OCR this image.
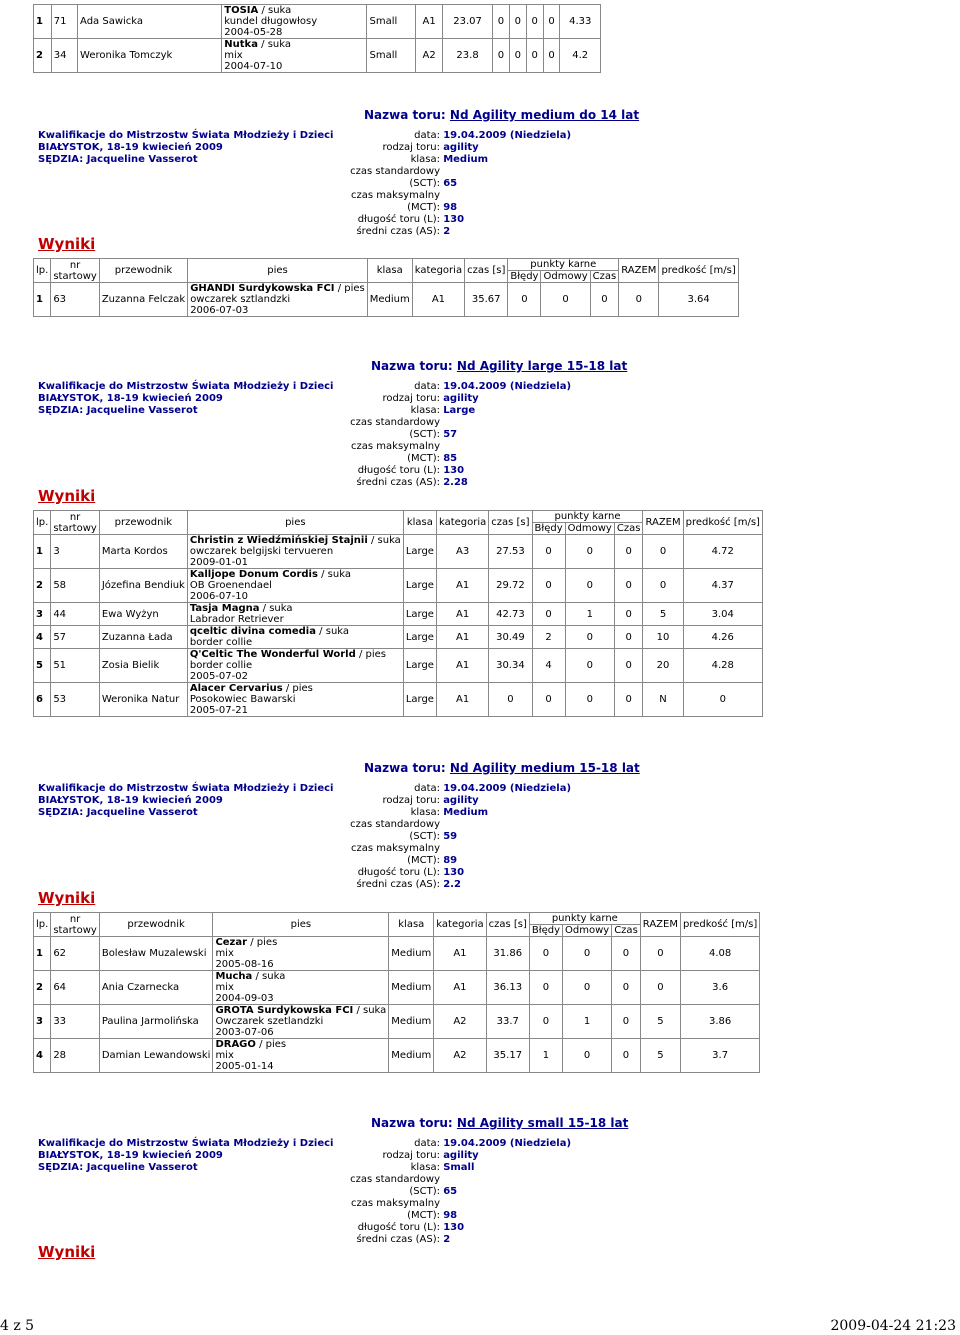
1	71	Ada Sawicka	TOSIA / suka
kundel długowłosy
2004-05-28	Small	A1	23.07	0	0	0	0	4.33
2	34	Weronika Tomczyk	Nutka / suka
mix
2004-07-10	Small	A2	23.8	0	0	0	0	4.2
Nazwa toru: Nd Agility medium do 14 lat
Kwalifikacje do Mistrzostw Świata Młodzieży i Dzieci
BIAŁYSTOK, 18-19 kwiecień 2009
SĘDZIA: Jacqueline Vasserot
data: 19.04.2009 (Niedziela)
rodzaj toru: agility
klasa: Medium
czas standardowy (SCT): 65
czas maksymalny (MCT): 98
długość toru (L): 130
średni czas (AS): 2
Wyniki
lp.	nr
startowy	przewodnik	pies	klasa	kategoria	czas [s]	punkty karne			RAZEM	predkość [m/s]
							Błędy	Odmowy	Czas		
1	63	Zuzanna Felczak	GHANDI Surdykowska FCI / pies
owczarek sztlandzki
2006-07-03	Medium	A1	35.67	0	0	0	0	3.64
Nazwa toru: Nd Agility large 15-18 lat
Kwalifikacje do Mistrzostw Świata Młodzieży i Dzieci
BIAŁYSTOK, 18-19 kwiecień 2009
SĘDZIA: Jacqueline Vasserot
data: 19.04.2009 (Niedziela)
rodzaj toru: agility
klasa: Large
czas standardowy (SCT): 57
czas maksymalny (MCT): 85
długość toru (L): 130
średni czas (AS): 2.28
Wyniki
lp.	nr
startowy	przewodnik	pies	klasa	kategoria	czas [s]	punkty karne			RAZEM	predkość [m/s]
							Błędy	Odmowy	Czas		
1	3	Marta Kordos	Christin z Wiedźmińskiej Stajnii / suka
owczarek belgijski tervueren
2009-01-01	Large	A3	27.53	0	0	0	0	4.72
2	58	Józefina Bendiuk	Kalljope Donum Cordis / suka
OB Groenendael
2006-07-10	Large	A1	29.72	0	0	0	0	4.37
3	44	Ewa Wyżyn	Tasja Magna / suka
Labrador Retriever	Large	A1	42.73	0	1	0	5	3.04
4	57	Zuzanna Łada	qceltic divina comedia / suka
border collie	Large	A1	30.49	2	0	0	10	4.26
5	51	Zosia Bielik	Q'Celtic The Wonderful World / pies
border collie
2005-07-02	Large	A1	30.34	4	0	0	20	4.28
6	53	Weronika Natur	Alacer Cervarius / pies
Posokowiec Bawarski
2005-07-21	Large	A1	0	0	0	0	N	0
Nazwa toru: Nd Agility medium 15-18 lat
Kwalifikacje do Mistrzostw Świata Młodzieży i Dzieci
BIAŁYSTOK, 18-19 kwiecień 2009
SĘDZIA: Jacqueline Vasserot
data: 19.04.2009 (Niedziela)
rodzaj toru: agility
klasa: Medium
czas standardowy (SCT): 59
czas maksymalny (MCT): 89
długość toru (L): 130
średni czas (AS): 2.2
Wyniki
lp.	nr
startowy	przewodnik	pies	klasa	kategoria	czas [s]	punkty karne			RAZEM	predkość [m/s]
							Błędy	Odmowy	Czas		
1	62	Bolesław Muzalewski	Cezar / pies
mix
2005-08-16	Medium	A1	31.86	0	0	0	0	4.08
2	64	Ania Czarnecka	Mucha / suka
mix
2004-09-03	Medium	A1	36.13	0	0	0	0	3.6
3	33	Paulina Jarmolińska	GROTA Surdykowska FCI / suka
Owczarek szetlandzki
2003-07-06	Medium	A2	33.7	0	1	0	5	3.86
4	28	Damian Lewandowski	DRAGO / pies
mix
2005-01-14	Medium	A2	35.17	1	0	0	5	3.7
Nazwa toru: Nd Agility small 15-18 lat
Kwalifikacje do Mistrzostw Świata Młodzieży i Dzieci
BIAŁYSTOK, 18-19 kwiecień 2009
SĘDZIA: Jacqueline Vasserot
data: 19.04.2009 (Niedziela)
rodzaj toru: agility
klasa: Small
czas standardowy (SCT): 65
czas maksymalny (MCT): 98
długość toru (L): 130
średni czas (AS): 2
Wyniki
4 z 5	2009-04-24 21:23
